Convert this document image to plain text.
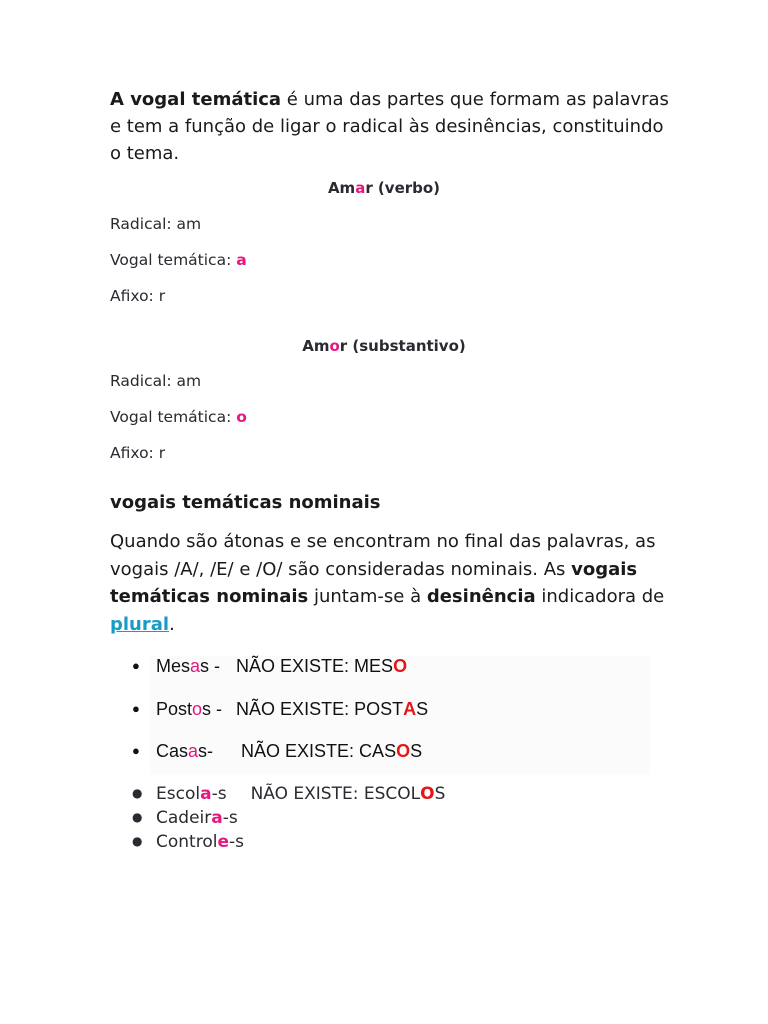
A vogal temática é uma das partes que formam as palavras e tem a função de ligar o radical às desinências, constituindo o tema.

Amar (verbo)
Radical: am
Vogal temática: a
Afixo: r
Amor (substantivo)
Radical: am
Vogal temática: o
Afixo: r
vogais temáticas nominais

Quando são átonas e se encontram no final das palavras, as vogais /A/, /E/ e /O/ são consideradas nominais. As vogais temáticas nominais juntam-se à desinência indicadora de plural.

● Mesas - NÃO EXISTE: MESO
● Postos - NÃO EXISTE: POSTAS
● Casas- NÃO EXISTE: CASOS
● Escola-s NÃO EXISTE: ESCOLOS
● Cadeira-s
● Controle-s
